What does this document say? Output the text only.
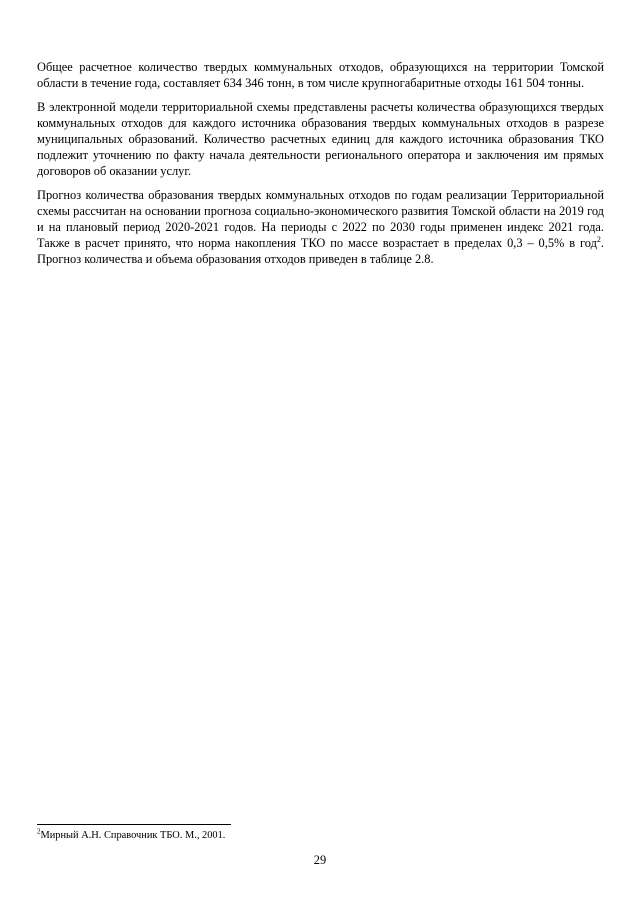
Общее расчетное количество твердых коммунальных отходов, образующихся на территории Томской области в течение года, составляет 634 346 тонн, в том числе крупногабаритные отходы 161 504 тонны.

В электронной модели территориальной схемы представлены расчеты количества образующихся твердых коммунальных отходов для каждого источника образования твердых коммунальных отходов в разрезе муниципальных образований. Количество расчетных единиц для каждого источника образования ТКО подлежит уточнению по факту начала деятельности регионального оператора и заключения им прямых договоров об оказании услуг.

Прогноз количества образования твердых коммунальных отходов по годам реализации Территориальной схемы рассчитан на основании прогноза социально-экономического развития Томской области на 2019 год и на плановый период 2020-2021 годов. На периоды с 2022 по 2030 годы применен индекс 2021 года. Также в расчет принято, что норма накопления ТКО по массе возрастает в пределах 0,3 – 0,5% в год$^2$. Прогноз количества и объема образования отходов приведен в таблице 2.8.

$^2$Мирный А.Н. Справочник ТБО. М., 2001.
29
